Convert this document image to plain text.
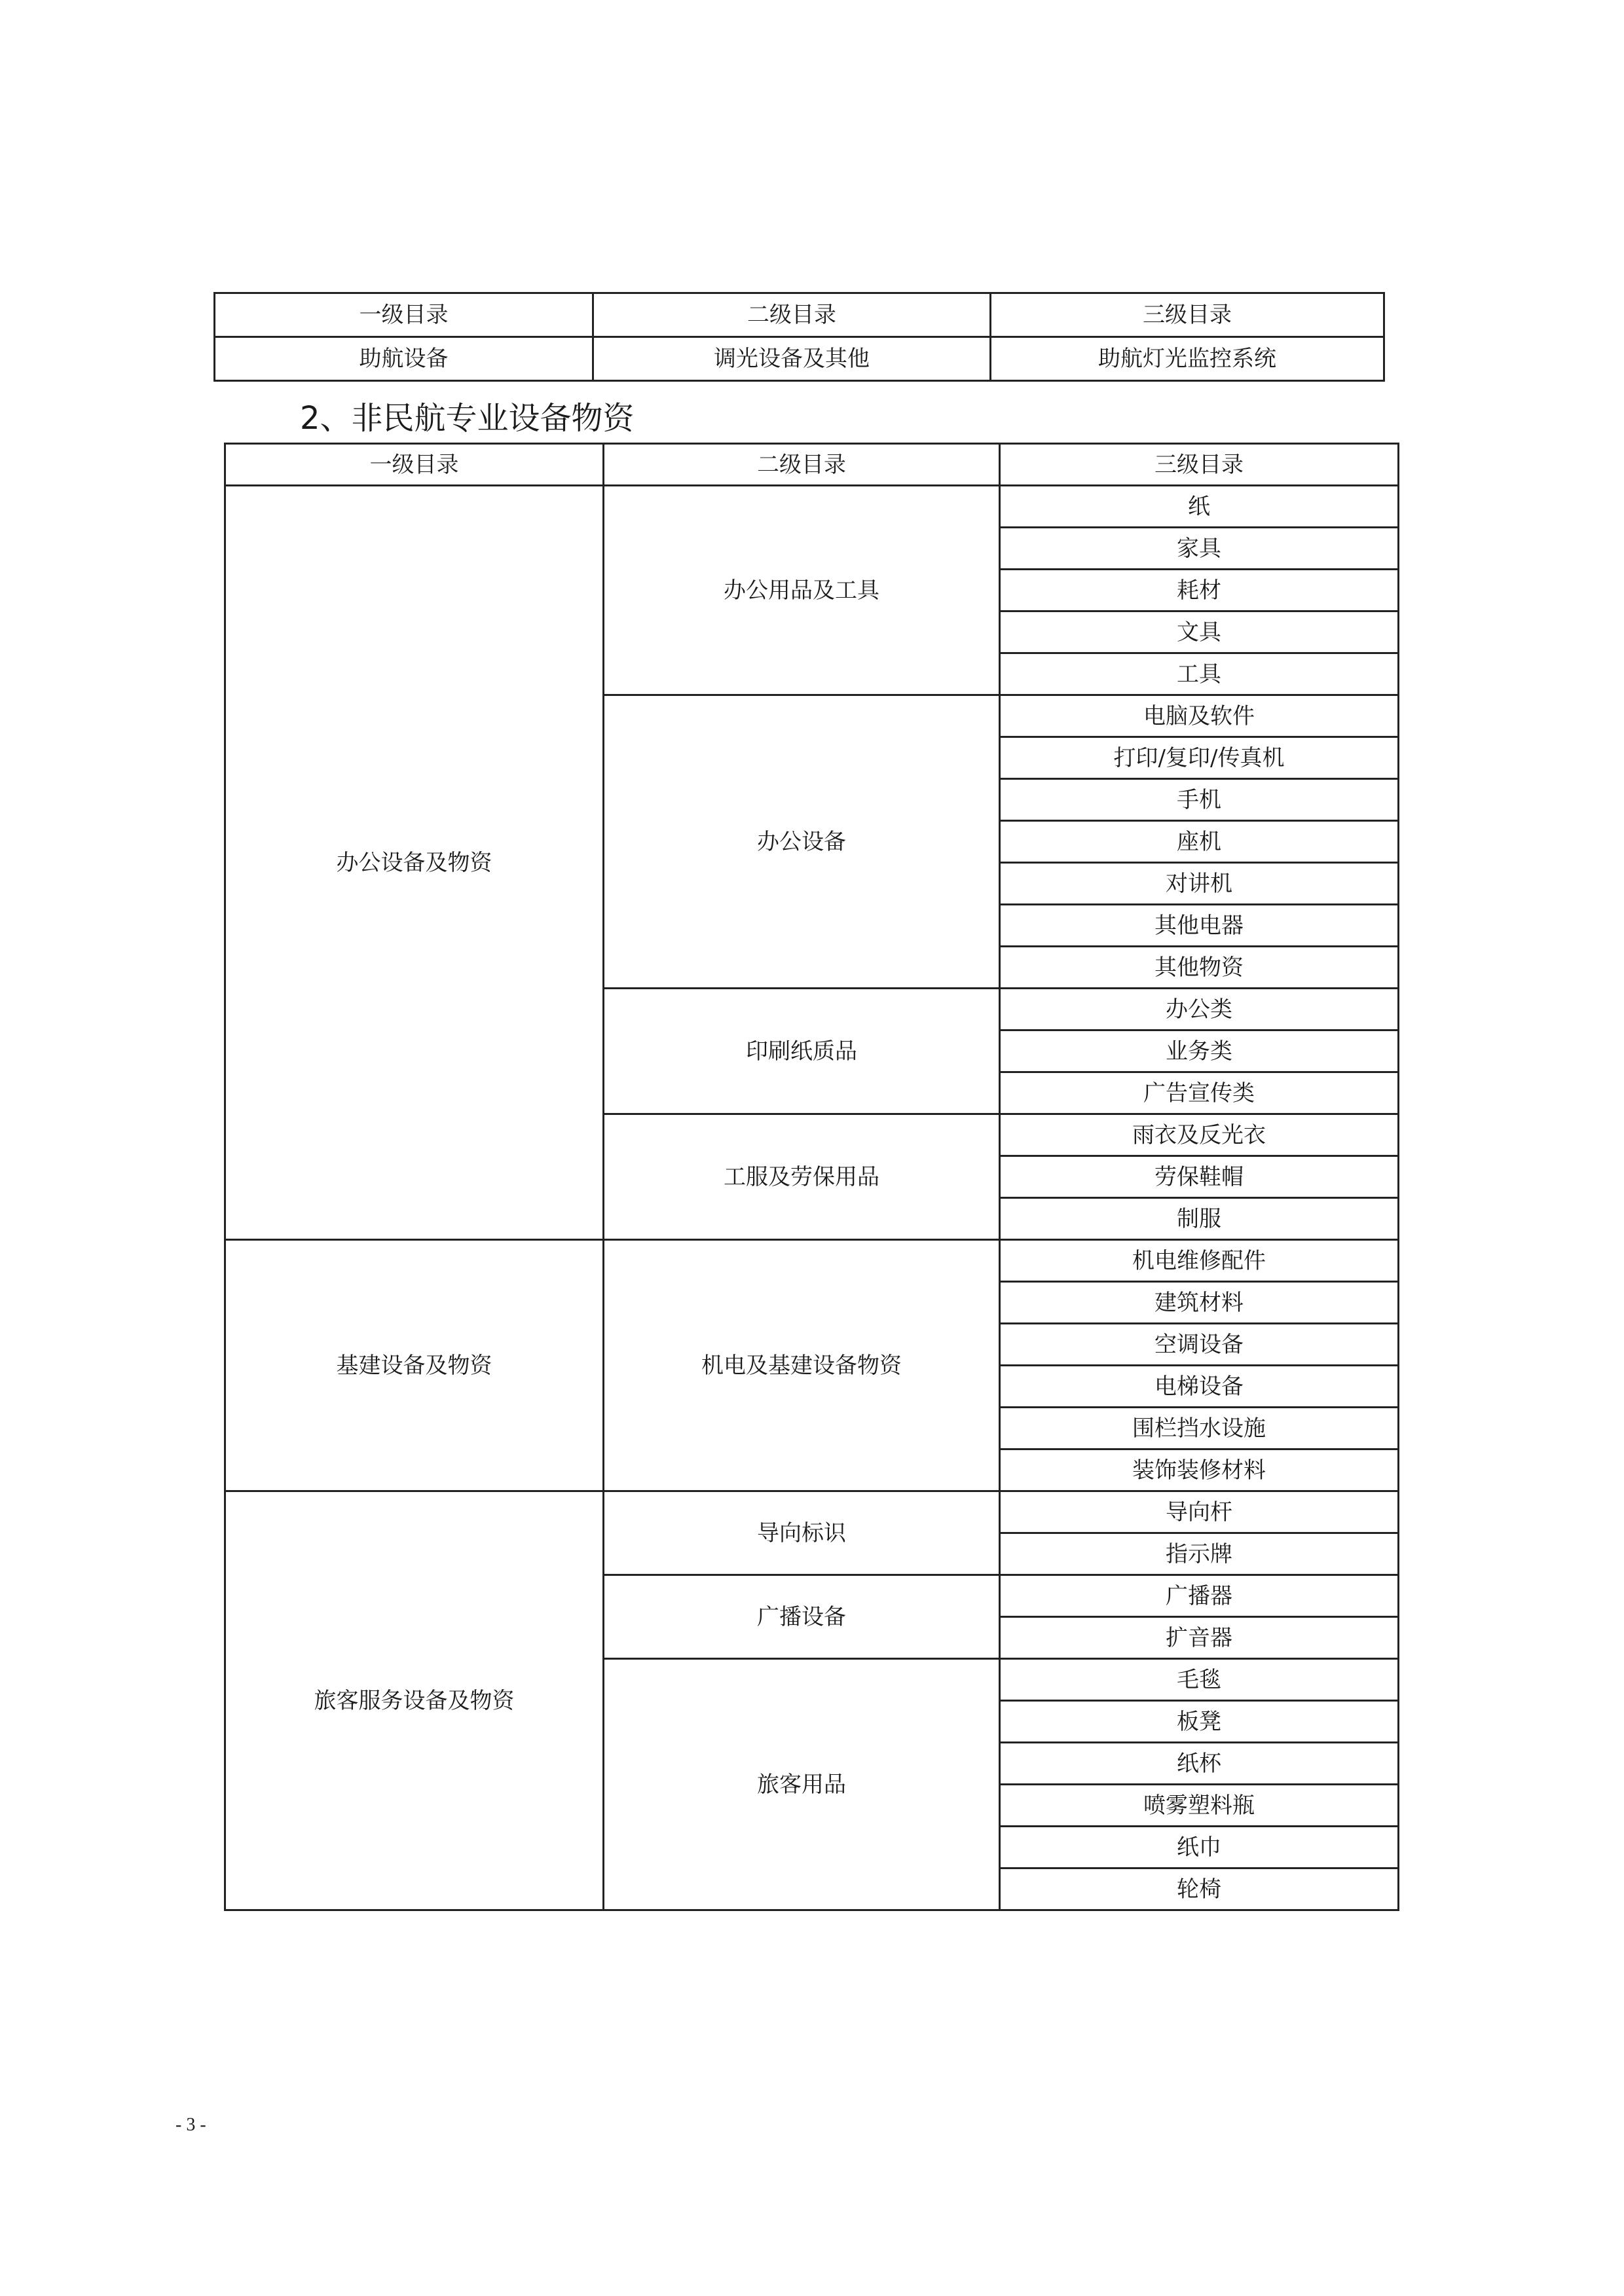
一级目录	二级目录	三级目录
助航设备	调光设备及其他	助航灯光监控系统
2、非民航专业设备物资
一级目录	二级目录	三级目录
办公设备及物资	办公用品及工具	纸
		家具
		耗材
		文具
		工具
	办公设备	电脑及软件
		打印/复印/传真机
		手机
		座机
		对讲机
		其他电器
		其他物资
	印刷纸质品	办公类
		业务类
		广告宣传类
	工服及劳保用品	雨衣及反光衣
		劳保鞋帽
		制服
基建设备及物资	机电及基建设备物资	机电维修配件
		建筑材料
		空调设备
		电梯设备
		围栏挡水设施
		装饰装修材料
旅客服务设备及物资	导向标识	导向杆
		指示牌
	广播设备	广播器
		扩音器
	旅客用品	毛毯
		板凳
		纸杯
		喷雾塑料瓶
		纸巾
		轮椅
- 3 -
